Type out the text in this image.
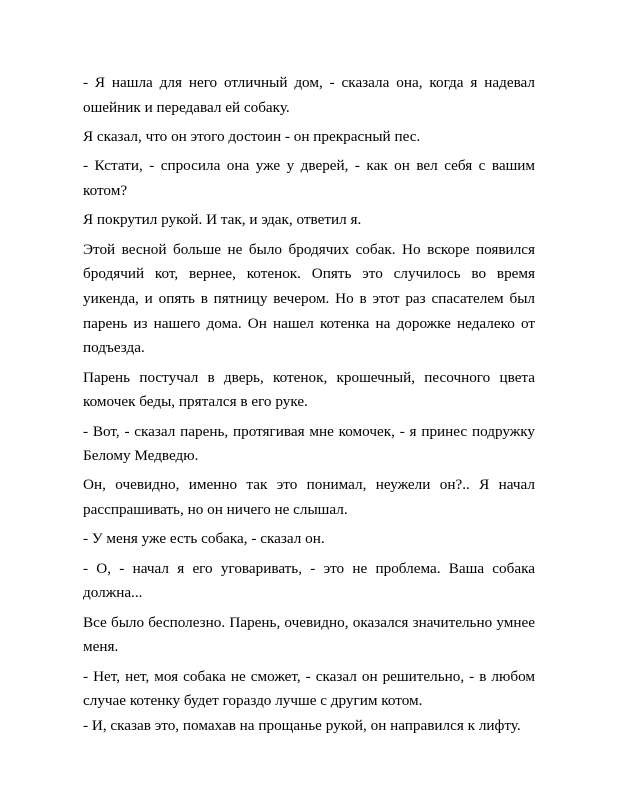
- Я нашла для него отличный дом, - сказала она, когда я надевал ошейник и передавал ей собаку.

Я сказал, что он этого достоин - он прекрасный пес.

- Кстати, - спросила она уже у дверей, - как он вел себя с вашим котом?

Я покрутил рукой. И так, и эдак, ответил я.

Этой весной больше не было бродячих собак. Но вскоре появился бродячий кот, вернее, котенок. Опять это случилось во время уикенда, и опять в пятницу вечером. Но в этот раз спасателем был парень из нашего дома. Он нашел котенка на дорожке недалеко от подъезда.

Парень постучал в дверь, котенок, крошечный, песочного цвета комочек беды, прятался в его руке.

- Вот, - сказал парень, протягивая мне комочек, - я принес подружку Белому Медведю.

Он, очевидно, именно так это понимал, неужели он?.. Я начал расспрашивать, но он ничего не слышал.

- У меня уже есть собака, - сказал он.

- О, - начал я его уговаривать, - это не проблема. Ваша собака должна...

Все было бесполезно. Парень, очевидно, оказался значительно умнее меня.

- Нет, нет, моя собака не сможет, - сказал он решительно, - в любом случае котенку будет гораздо лучше с другим котом.

- И, сказав это, помахав на прощанье рукой, он направился к лифту.
